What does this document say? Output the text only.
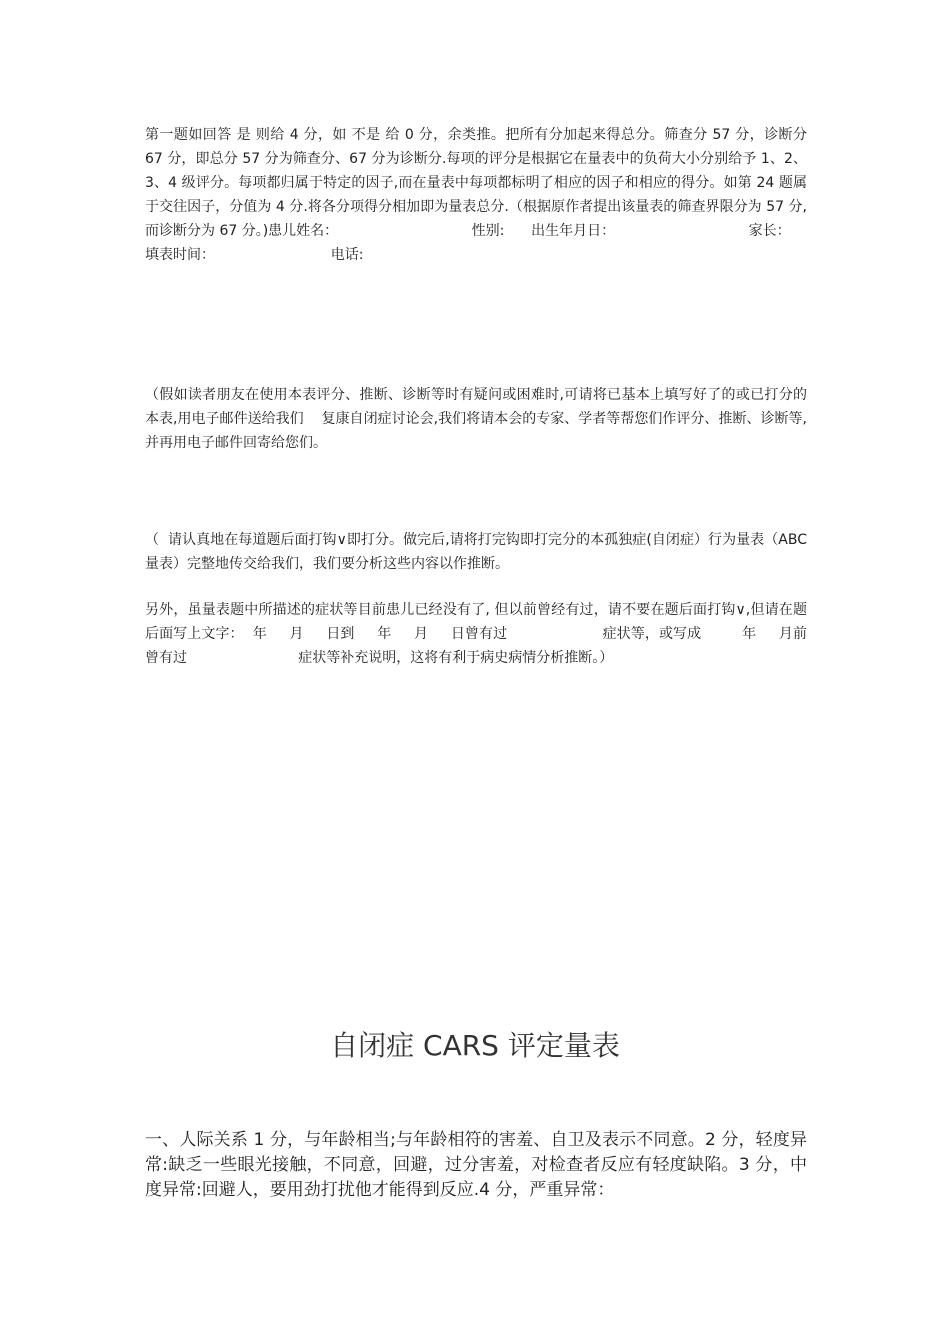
第一题如回答 是 则给 4 分，如 不是 给 0 分，余类推。把所有分加起来得总分。筛查分 57 分，诊断分 67 分，即总分 57 分为筛查分、67 分为诊断分.每项的评分是根据它在量表中的负荷大小分别给予 1、2、3、4 级评分。每项都归属于特定的因子,而在量表中每项都标明了相应的因子和相应的得分。如第 24 题属于交往因子，分值为 4 分.将各分项得分相加即为量表总分.（根据原作者提出该量表的筛查界限分为 57 分,而诊断分为 67 分。)患儿姓名：                              性别:      出生年月日：                              家长：
填表时间：                          电话:

（假如读者朋友在使用本表评分、推断、诊断等时有疑问或困难时,可请将已基本上填写好了的或已打分的本表,用电子邮件送给我们    复康自闭症讨论会,我们将请本会的专家、学者等帮您们作评分、推断、诊断等,并再用电子邮件回寄给您们。

（  请认真地在每道题后面打钩∨即打分。做完后,请将打完钩即打完分的本孤独症(自闭症）行为量表（ABC 量表）完整地传交给我们，我们要分析这些内容以作推断。

另外，虽量表题中所描述的症状等目前患儿已经没有了, 但以前曾经有过，请不要在题后面打钩∨,但请在题后面写上文字：  年     月     日到     年     月     日曾有过                     症状等，或写成         年     月前         曾有过                         症状等补充说明，这将有利于病史病情分析推断。）

自闭症 CARS 评定量表

一、人际关系 1 分，与年龄相当;与年龄相符的害羞、自卫及表示不同意。2 分，轻度异常:缺乏一些眼光接触，不同意，回避，过分害羞，对检查者反应有轻度缺陷。3 分，中度异常:回避人，要用劲打扰他才能得到反应.4 分，严重异常：
